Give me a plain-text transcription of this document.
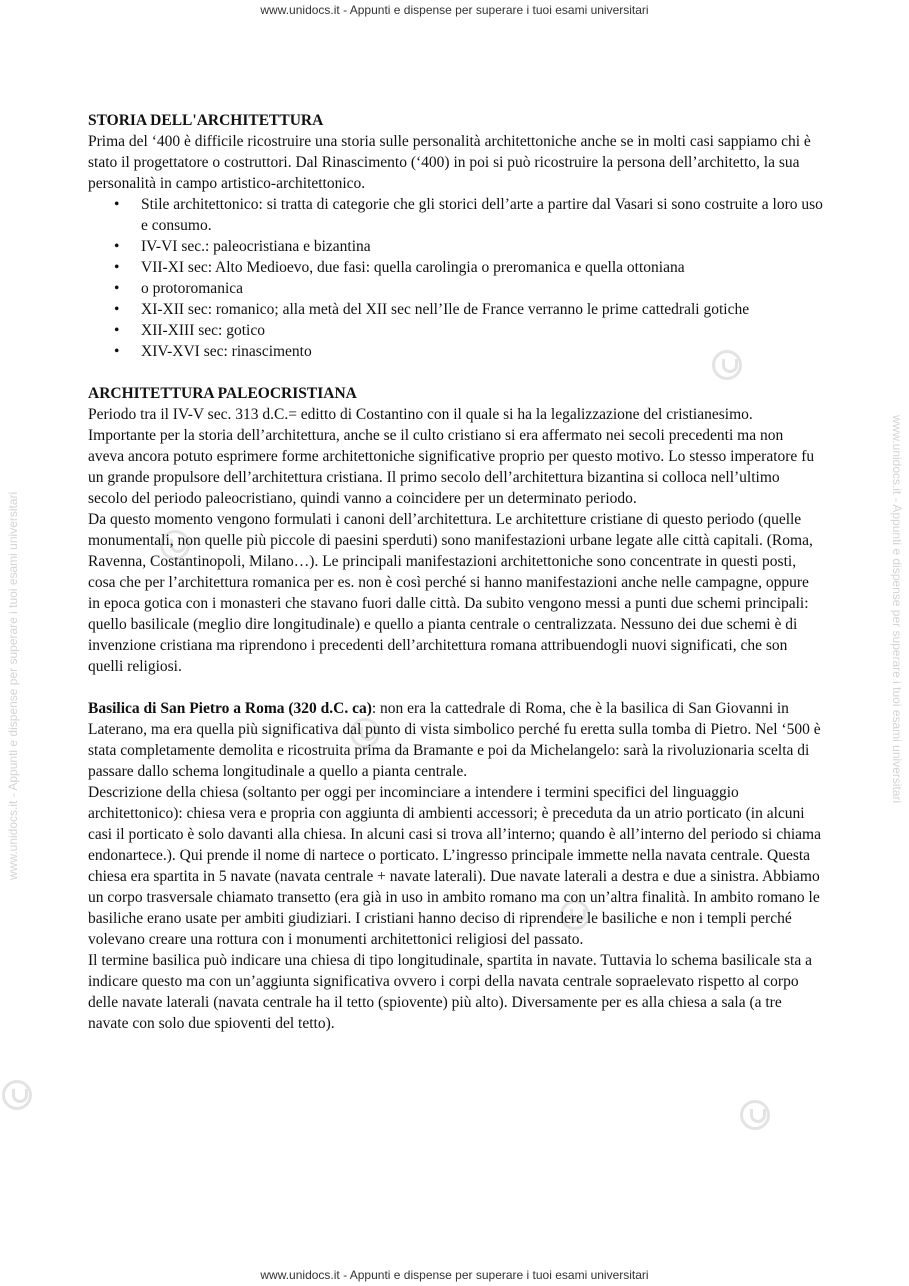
www.unidocs.it - Appunti e dispense per superare i tuoi esami universitari
www.unidocs.it - Appunti e dispense per superare i tuoi esami universitari
www.unidocs.it - Appunti e dispense per superare i tuoi esami universitari	www.unidocs.it - Appunti e dispense per superare i tuoi esami universitari

STORIA DELL'ARCHITETTURA

Prima del ‘400 è difficile ricostruire una storia sulle personalità architettoniche anche se in molti casi sappiamo chi è stato il progettatore o costruttori. Dal Rinascimento (‘400) in poi si può ricostruire la persona dell’architetto, la sua personalità in campo artistico-architettonico.

• Stile architettonico: si tratta di categorie che gli storici dell’arte a partire dal Vasari si sono costruite a loro uso e consumo.
• IV-VI sec.: paleocristiana e bizantina
• VII-XI sec: Alto Medioevo, due fasi: quella carolingia o preromanica e quella ottoniana
• o protoromanica
• XI-XII sec: romanico; alla metà del XII sec nell’Ile de France verranno le prime cattedrali gotiche
• XII-XIII sec: gotico
• XIV-XVI sec: rinascimento

ARCHITETTURA PALEOCRISTIANA

Periodo tra il IV-V sec. 313 d.C.= editto di Costantino con il quale si ha la legalizzazione del cristianesimo. Importante per la storia dell’architettura, anche se il culto cristiano si era affermato nei secoli precedenti ma non aveva ancora potuto esprimere forme architettoniche significative proprio per questo motivo. Lo stesso imperatore fu un grande propulsore dell’architettura cristiana. Il primo secolo dell’architettura bizantina si colloca nell’ultimo secolo del periodo paleocristiano, quindi vanno a coincidere per un determinato periodo.

Da questo momento vengono formulati i canoni dell’architettura. Le architetture cristiane di questo periodo (quelle monumentali, non quelle più piccole di paesini sperduti) sono manifestazioni urbane legate alle città capitali. (Roma, Ravenna, Costantinopoli, Milano…). Le principali manifestazioni architettoniche sono concentrate in questi posti, cosa che per l’architettura romanica per es. non è così perché si hanno manifestazioni anche nelle campagne, oppure in epoca gotica con i monasteri che stavano fuori dalle città. Da subito vengono messi a punti due schemi principali: quello basilicale (meglio dire longitudinale) e quello a pianta centrale o centralizzata. Nessuno dei due schemi è di invenzione cristiana ma riprendono i precedenti dell’architettura romana attribuendogli nuovi significati, che son quelli religiosi.

Basilica di San Pietro a Roma (320 d.C. ca): non era la cattedrale di Roma, che è la basilica di San Giovanni in Laterano, ma era quella più significativa dal punto di vista simbolico perché fu eretta sulla tomba di Pietro. Nel ‘500 è stata completamente demolita e ricostruita prima da Bramante e poi da Michelangelo: sarà la rivoluzionaria scelta di passare dallo schema longitudinale a quello a pianta centrale.

Descrizione della chiesa (soltanto per oggi per incominciare a intendere i termini specifici del linguaggio architettonico): chiesa vera e propria con aggiunta di ambienti accessori; è preceduta da un atrio porticato (in alcuni casi il porticato è solo davanti alla chiesa. In alcuni casi si trova all’interno; quando è all’interno del periodo si chiama endonartece.). Qui prende il nome di nartece o porticato. L’ingresso principale immette nella navata centrale. Questa chiesa era spartita in 5 navate (navata centrale + navate laterali). Due navate laterali a destra e due a sinistra. Abbiamo un corpo trasversale chiamato transetto (era già in uso in ambito romano ma con un’altra finalità. In ambito romano le basiliche erano usate per ambiti giudiziari. I cristiani hanno deciso di riprendere le basiliche e non i templi perché volevano creare una rottura con i monumenti architettonici religiosi del passato.

Il termine basilica può indicare una chiesa di tipo longitudinale, spartita in navate. Tuttavia lo schema basilicale sta a indicare questo ma con un’aggiunta significativa ovvero i corpi della navata centrale sopraelevato rispetto al corpo delle navate laterali (navata centrale ha il tetto (spiovente) più alto). Diversamente per es alla chiesa a sala (a tre navate con solo due spioventi del tetto).
